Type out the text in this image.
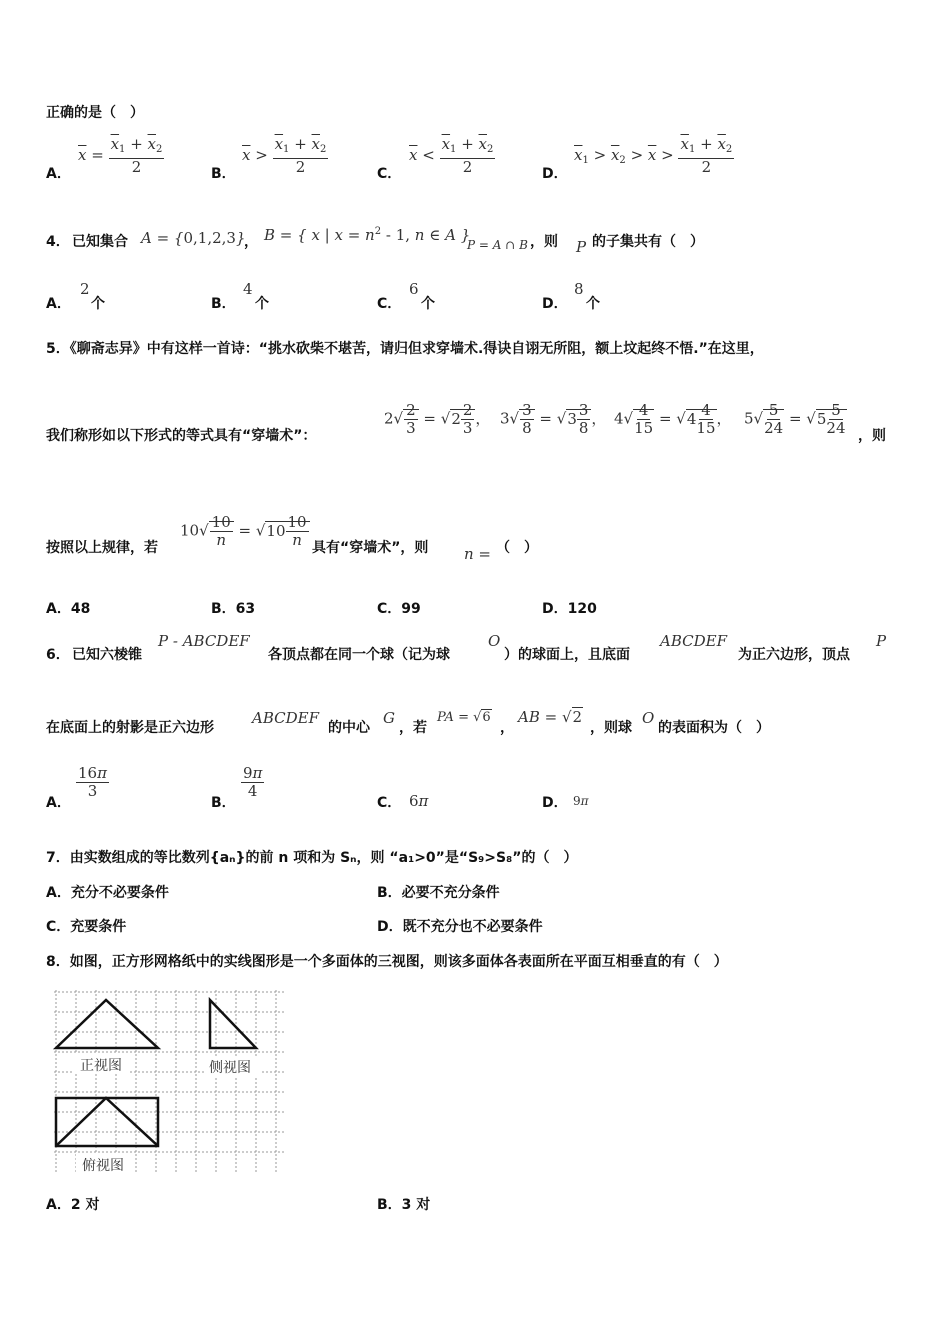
正确的是（　）
A．
$\overline{x} = \frac{\overline{x}_1 + \overline{x}_2}{2}$	B．
$\overline{x} > \frac{\overline{x}_1 + \overline{x}_2}{2}$	C．
$\overline{x} < \frac{\overline{x}_1 + \overline{x}_2}{2}$	D．
$\overline{x}_1 > \overline{x}_2 > \overline{x} > \frac{\overline{x}_1 + \overline{x}_2}{2}$
4． 已知集合 A = {0,1,2,3}
， B = { x | $x = n^2 - 1$, n ∈ A }
P = A ∩ B ，则 P 的子集共有（　）
A．
2
个	B．
4
个	C．
6
个	D．
8
个
5．《聊斋志异》中有这样一首诗：“挑水砍柴不堪苦，请归但求穿墙术.得诀自诩无所阻，额上坟起终不悟.”在这里，
我们称形如以下形式的等式具有“穿墙术”：
$2√ \frac{2}{3} = √2 \frac{2}{3}$ ， $3√ \frac{3}{8} = √3 \frac{3}{8}$ ， $4√ \frac{4}{15} = √4 \frac{4}{15}$ ， $5√ \frac{5}{24} = √5 \frac{5}{24}$ ，则
按照以上规律，若
$10√ \frac{10}{n} = √10 \frac{10}{n}$ 具有“穿墙术”，则 n = （　）
A．48	B．63	C．99	D．120
6． 已知六棱锥
P - ABCDEF
各顶点都在同一个球（记为球
O
）的球面上，且底面
ABCDEF
为正六边形，顶点
P
在底面上的射影是正六边形
ABCDEF
的中心
G
，若
PA = √6
，
AB = √2
，则球
O
的表面积为（　）
A．
$\frac{16\pi}{3}$
B．
$\frac{9\pi}{4}$
C． 6π	D． 9π
7．由实数组成的等比数列{aₙ}的前 n 项和为 Sₙ，则 “a₁>0”是“S₉>S₈”的（　）
A．充分不必要条件	B．必要不充分条件
C．充要条件	D．既不充分也不必要条件
8．如图，正方形网格纸中的实线图形是一个多面体的三视图，则该多面体各表面所在平面互相垂直的有（　）
正视图	侧视图
俯视图
A．2 对	B．3 对
